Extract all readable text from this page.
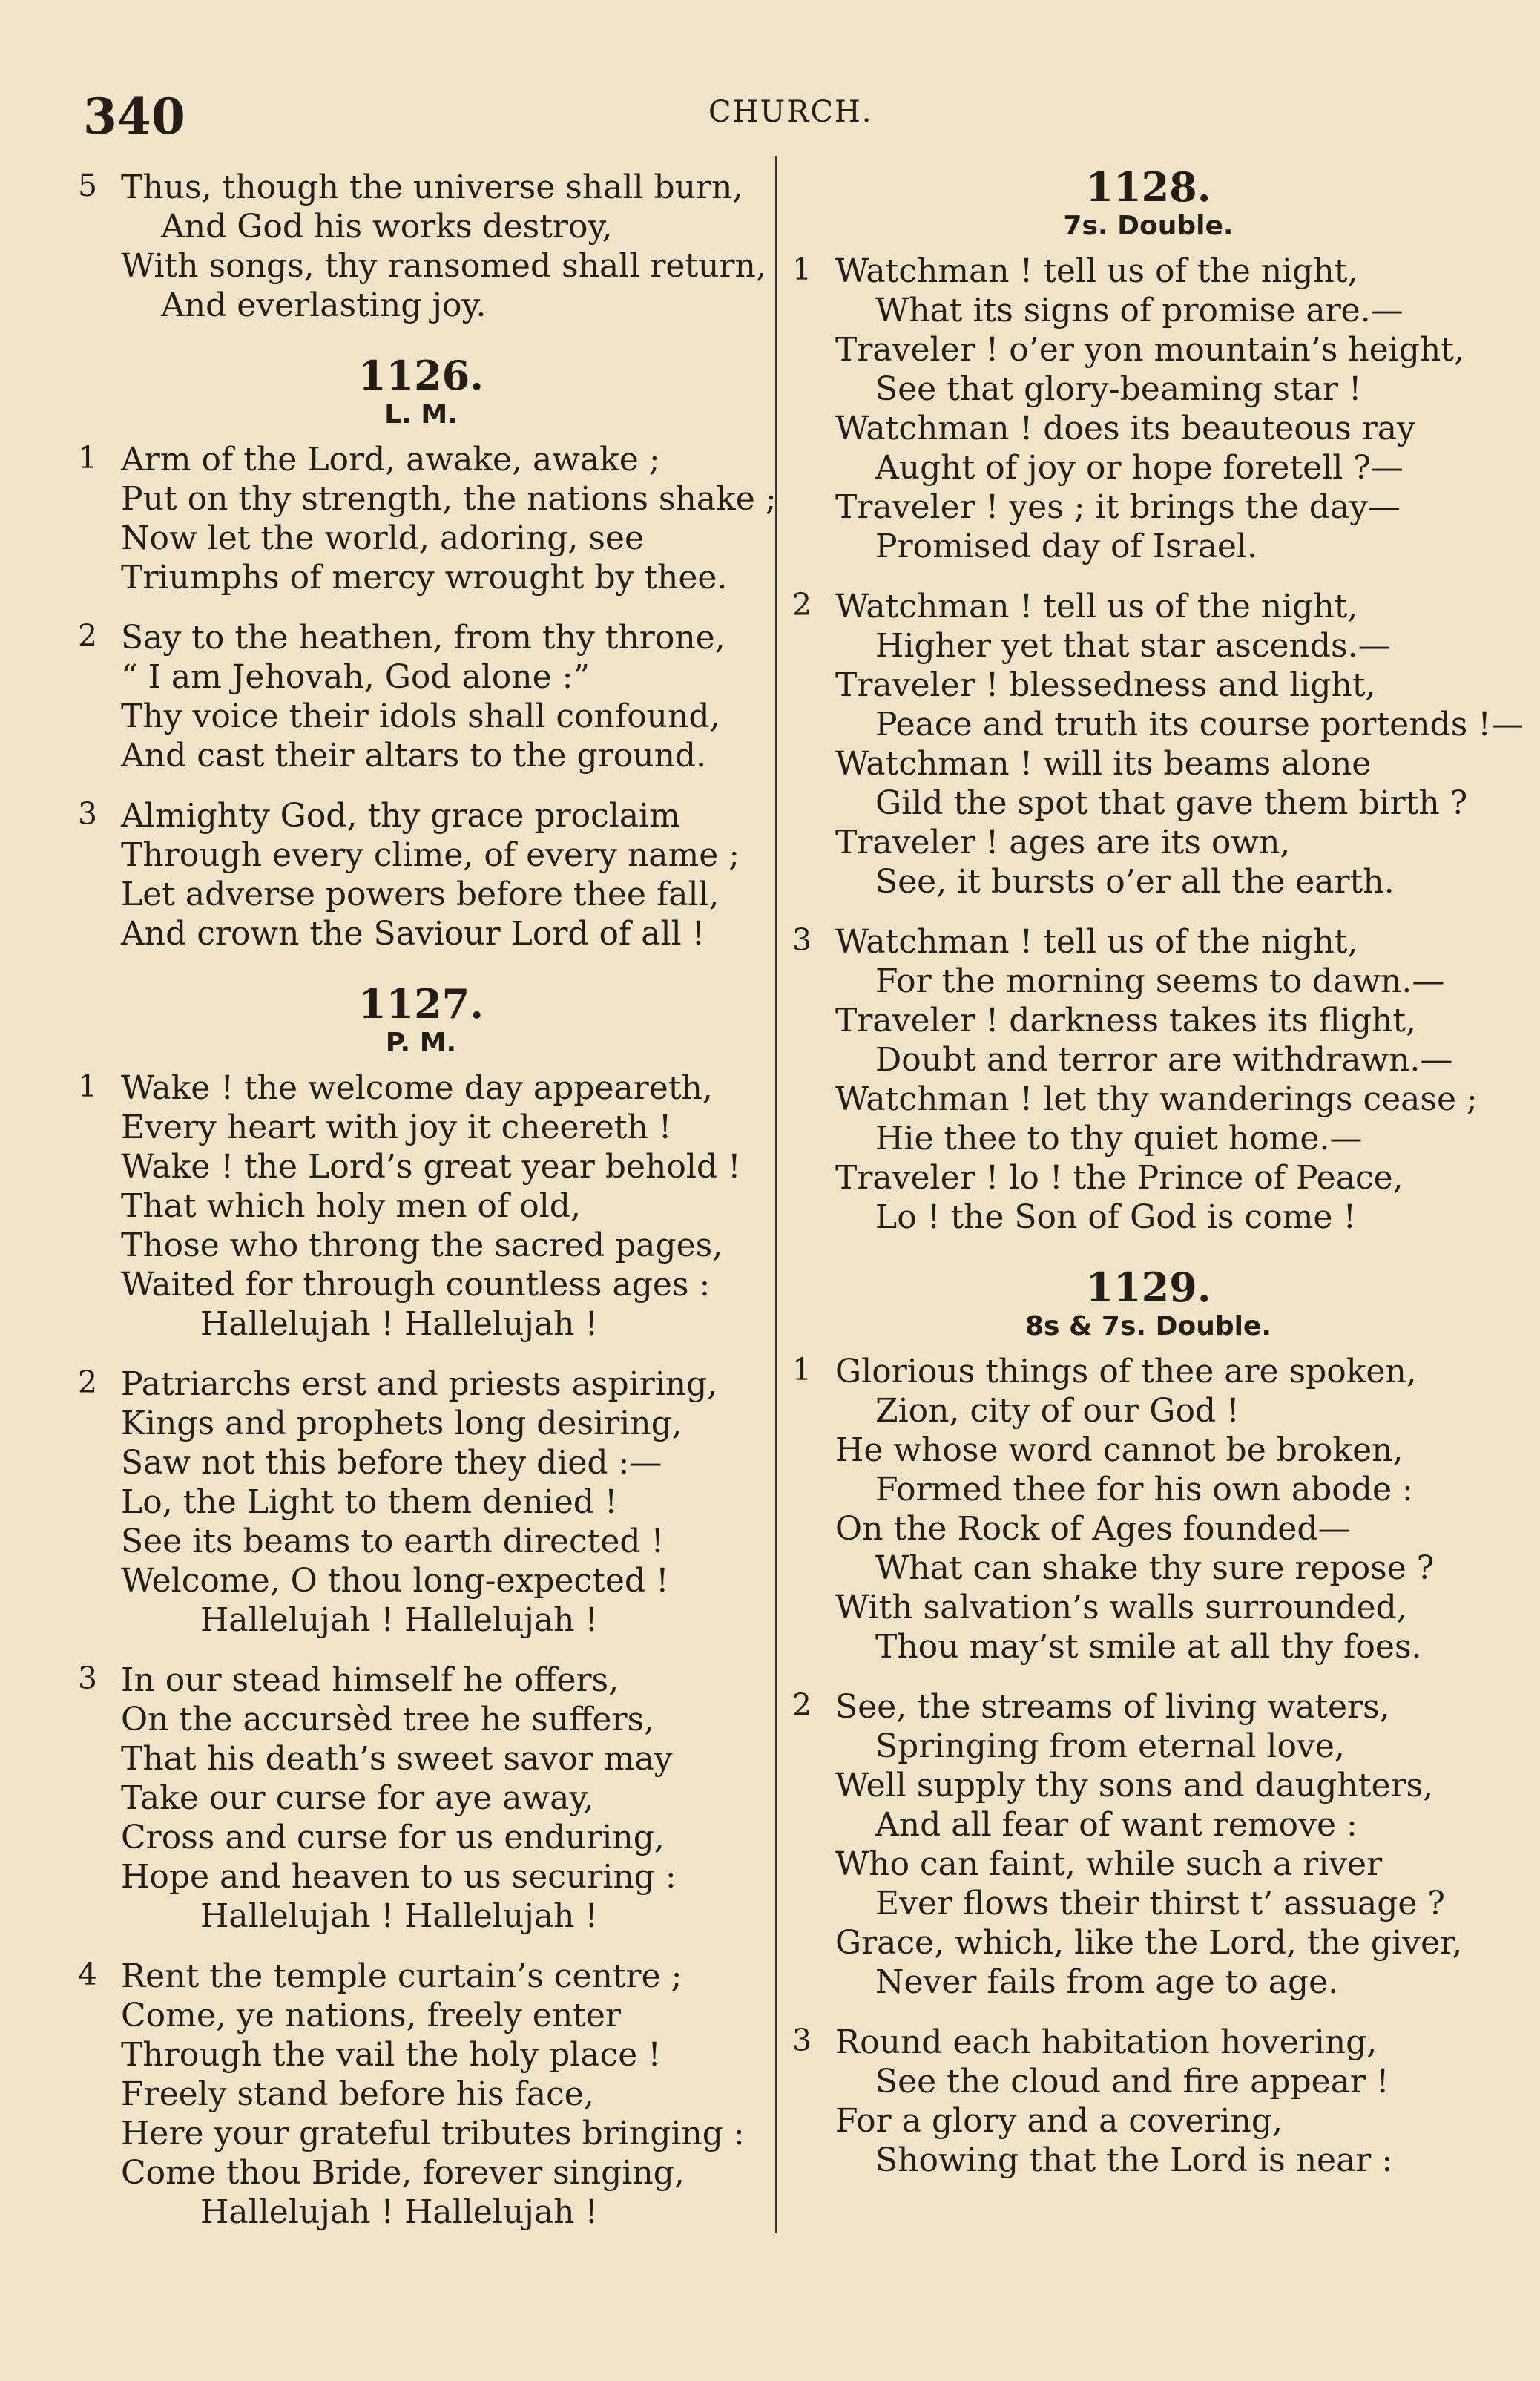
340	CHURCH.
5 Thus, though the universe shall burn,
And God his works destroy,
With songs, thy ransomed shall return,
And everlasting joy.
1126.
L. M.
1 Arm of the Lord, awake, awake ;
Put on thy strength, the nations shake ;
Now let the world, adoring, see
Triumphs of mercy wrought by thee.
2 Say to the heathen, from thy throne,
“ I am Jehovah, God alone :”
Thy voice their idols shall confound,
And cast their altars to the ground.
3 Almighty God, thy grace proclaim
Through every clime, of every name ;
Let adverse powers before thee fall,
And crown the Saviour Lord of all !
1127.
P. M.
1 Wake ! the welcome day appeareth,
Every heart with joy it cheereth !
Wake ! the Lord’s great year behold !
That which holy men of old,
Those who throng the sacred pages,
Waited for through countless ages :
Hallelujah ! Hallelujah !
2 Patriarchs erst and priests aspiring,
Kings and prophets long desiring,
Saw not this before they died :—
Lo, the Light to them denied !
See its beams to earth directed !
Welcome, O thou long-expected !
Hallelujah ! Hallelujah !
3 In our stead himself he offers,
On the accursèd tree he suffers,
That his death’s sweet savor may
Take our curse for aye away,
Cross and curse for us enduring,
Hope and heaven to us securing :
Hallelujah ! Hallelujah !
4 Rent the temple curtain’s centre ;
Come, ye nations, freely enter
Through the vail the holy place !
Freely stand before his face,
Here your grateful tributes bringing :
Come thou Bride, forever singing,
Hallelujah ! Hallelujah !
1128.
7s. Double.
1 Watchman ! tell us of the night,
What its signs of promise are.—
Traveler ! o’er yon mountain’s height,
See that glory-beaming star !
Watchman ! does its beauteous ray
Aught of joy or hope foretell ?—
Traveler ! yes ; it brings the day—
Promised day of Israel.
2 Watchman ! tell us of the night,
Higher yet that star ascends.—
Traveler ! blessedness and light,
Peace and truth its course portends !—
Watchman ! will its beams alone
Gild the spot that gave them birth ?
Traveler ! ages are its own,
See, it bursts o’er all the earth.
3 Watchman ! tell us of the night,
For the morning seems to dawn.—
Traveler ! darkness takes its flight,
Doubt and terror are withdrawn.—
Watchman ! let thy wanderings cease ;
Hie thee to thy quiet home.—
Traveler ! lo ! the Prince of Peace,
Lo ! the Son of God is come !
1129.
8s & 7s. Double.
1 Glorious things of thee are spoken,
Zion, city of our God !
He whose word cannot be broken,
Formed thee for his own abode :
On the Rock of Ages founded—
What can shake thy sure repose ?
With salvation’s walls surrounded,
Thou may’st smile at all thy foes.
2 See, the streams of living waters,
Springing from eternal love,
Well supply thy sons and daughters,
And all fear of want remove :
Who can faint, while such a river
Ever flows their thirst t’ assuage ?
Grace, which, like the Lord, the giver,
Never fails from age to age.
3 Round each habitation hovering,
See the cloud and fire appear !
For a glory and a covering,
Showing that the Lord is near :
